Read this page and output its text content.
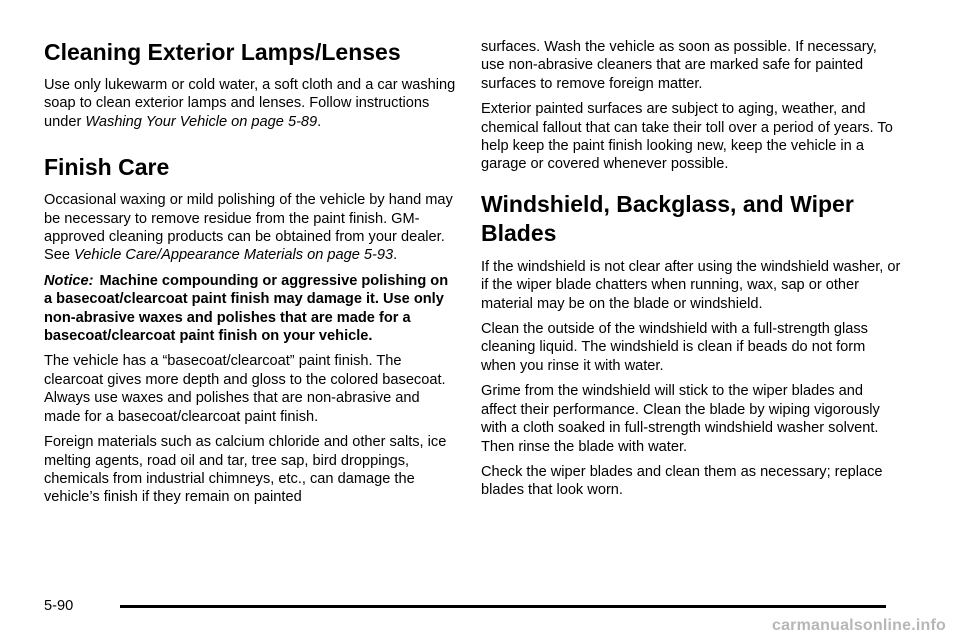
Cleaning Exterior Lamps/Lenses

Use only lukewarm or cold water, a soft cloth and a car washing soap to clean exterior lamps and lenses. Follow instructions under Washing Your Vehicle on page 5-89.

Finish Care

Occasional waxing or mild polishing of the vehicle by hand may be necessary to remove residue from the paint finish. GM-approved cleaning products can be obtained from your dealer. See Vehicle Care/Appearance Materials on page 5-93.

Notice: Machine compounding or aggressive polishing on a basecoat/clearcoat paint finish may damage it. Use only non-abrasive waxes and polishes that are made for a basecoat/clearcoat paint finish on your vehicle.

The vehicle has a “basecoat/clearcoat” paint finish. The clearcoat gives more depth and gloss to the colored basecoat. Always use waxes and polishes that are non-abrasive and made for a basecoat/clearcoat paint finish.

Foreign materials such as calcium chloride and other salts, ice melting agents, road oil and tar, tree sap, bird droppings, chemicals from industrial chimneys, etc., can damage the vehicle’s finish if they remain on painted

surfaces. Wash the vehicle as soon as possible. If necessary, use non-abrasive cleaners that are marked safe for painted surfaces to remove foreign matter.

Exterior painted surfaces are subject to aging, weather, and chemical fallout that can take their toll over a period of years. To help keep the paint finish looking new, keep the vehicle in a garage or covered whenever possible.

Windshield, Backglass, and Wiper Blades

If the windshield is not clear after using the windshield washer, or if the wiper blade chatters when running, wax, sap or other material may be on the blade or windshield.

Clean the outside of the windshield with a full-strength glass cleaning liquid. The windshield is clean if beads do not form when you rinse it with water.

Grime from the windshield will stick to the wiper blades and affect their performance. Clean the blade by wiping vigorously with a cloth soaked in full-strength windshield washer solvent. Then rinse the blade with water.

Check the wiper blades and clean them as necessary; replace blades that look worn.

5-90
carmanualsonline.info
